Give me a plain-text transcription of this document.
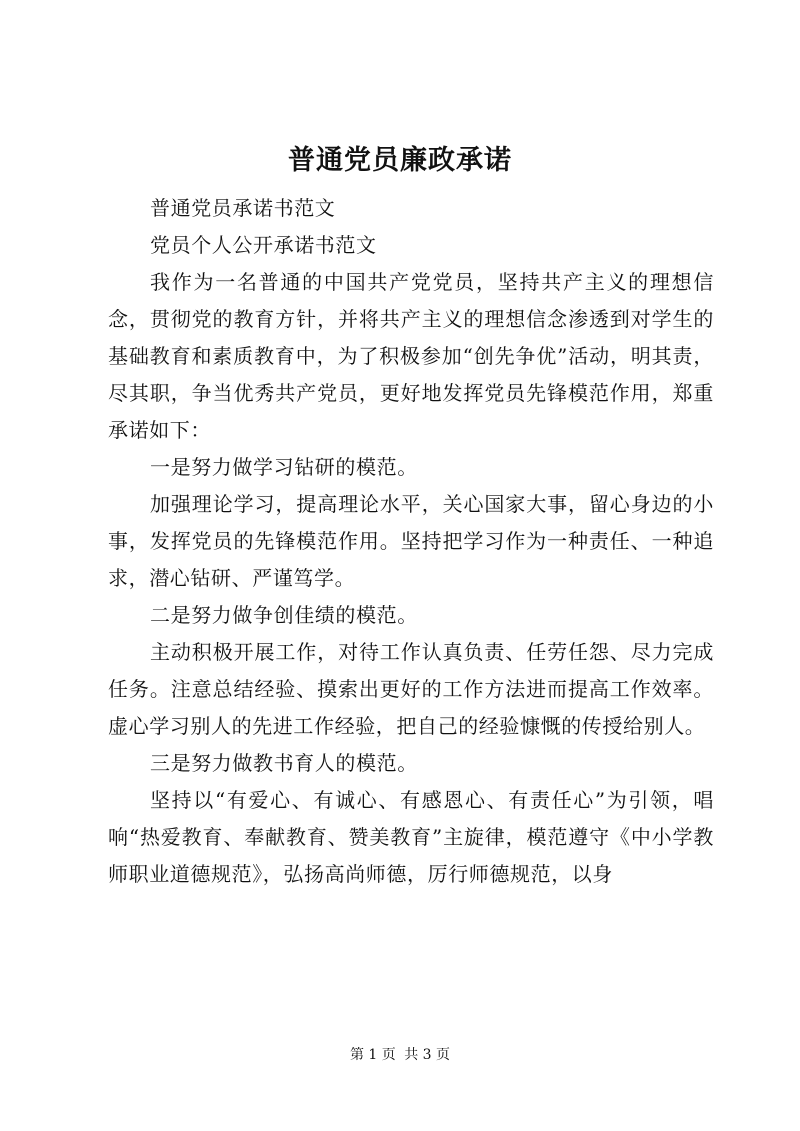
普通党员廉政承诺

普通党员承诺书范文

党员个人公开承诺书范文

我作为一名普通的中国共产党党员，坚持共产主义的理想信念，贯彻党的教育方针，并将共产主义的理想信念渗透到对学生的基础教育和素质教育中，为了积极参加“创先争优”活动，明其责，尽其职，争当优秀共产党员，更好地发挥党员先锋模范作用，郑重承诺如下：

一是努力做学习钻研的模范。

加强理论学习，提高理论水平，关心国家大事，留心身边的小事，发挥党员的先锋模范作用。坚持把学习作为一种责任、一种追求，潜心钻研、严谨笃学。

二是努力做争创佳绩的模范。

主动积极开展工作，对待工作认真负责、任劳任怨、尽力完成任务。注意总结经验、摸索出更好的工作方法进而提高工作效率。虚心学习别人的先进工作经验，把自己的经验慷慨的传授给别人。

三是努力做教书育人的模范。

坚持以“有爱心、有诚心、有感恩心、有责任心”为引领，唱响“热爱教育、奉献教育、赞美教育”主旋律，模范遵守《中小学教师职业道德规范》，弘扬高尚师德，厉行师德规范，以身

第 1 页 共 3 页
